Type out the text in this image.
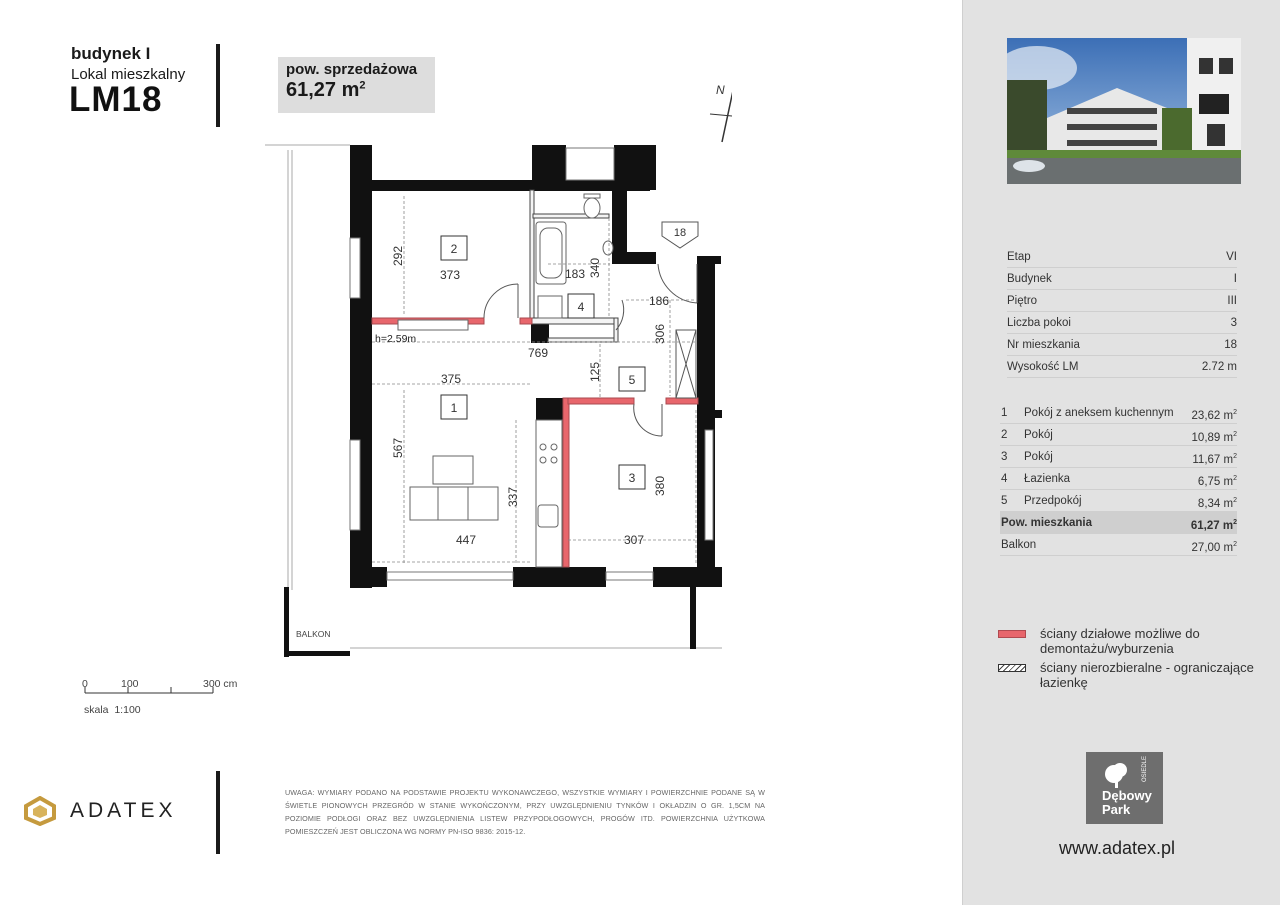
budynek I
Lokal mieszkalny
LM18
pow. sprzedażowa
61,27 $m^2$
2
4
1
5
3
373	183
186
769
375
447	307
292
340
306
125
567
337
380
h=2.59m
BALKON
18
N
0	100	300 cm
skala  1:100
ADATEX
UWAGA: WYMIARY PODANO NA PODSTAWIE PROJEKTU WYKONAWCZEGO, WSZYSTKIE WYMIARY I POWIERZCHNIE PODANE SĄ W ŚWIETLE PIONOWYCH PRZEGRÓD W STANIE WYKOŃCZONYM, PRZY UWZGLĘDNIENIU TYNKÓW I OKŁADZIN O GR. 1,5CM NA POZIOMIE PODŁOGI ORAZ BEZ UWZGLĘDNIENIA LISTEW PRZYPODŁOGOWYCH, PROGÓW ITD. POWIERZCHNIA UŻYTKOWA POMIESZCZEŃ JEST OBLICZONA WG NORMY PN-ISO 9836: 2015-12.
Etap	VI
Budynek	I
Piętro	III
Liczba pokoi	3
Nr mieszkania	18
Wysokość LM	2.72 m
1	Pokój z aneksem kuchennym	23,62 $m^2$
2	Pokój	10,89 $m^2$
3	Pokój	11,67 $m^2$
4	Łazienka	6,75 $m^2$
5	Przedpokój	8,34 $m^2$
Pow. mieszkania	61,27 $m^2$
Balkon	27,00 $m^2$
ściany działowe możliwe do
demontażu/wyburzenia
ściany nierozbieralne - ograniczające
łazienkę
OSIEDLE
Dębowy
Park
www.adatex.pl
